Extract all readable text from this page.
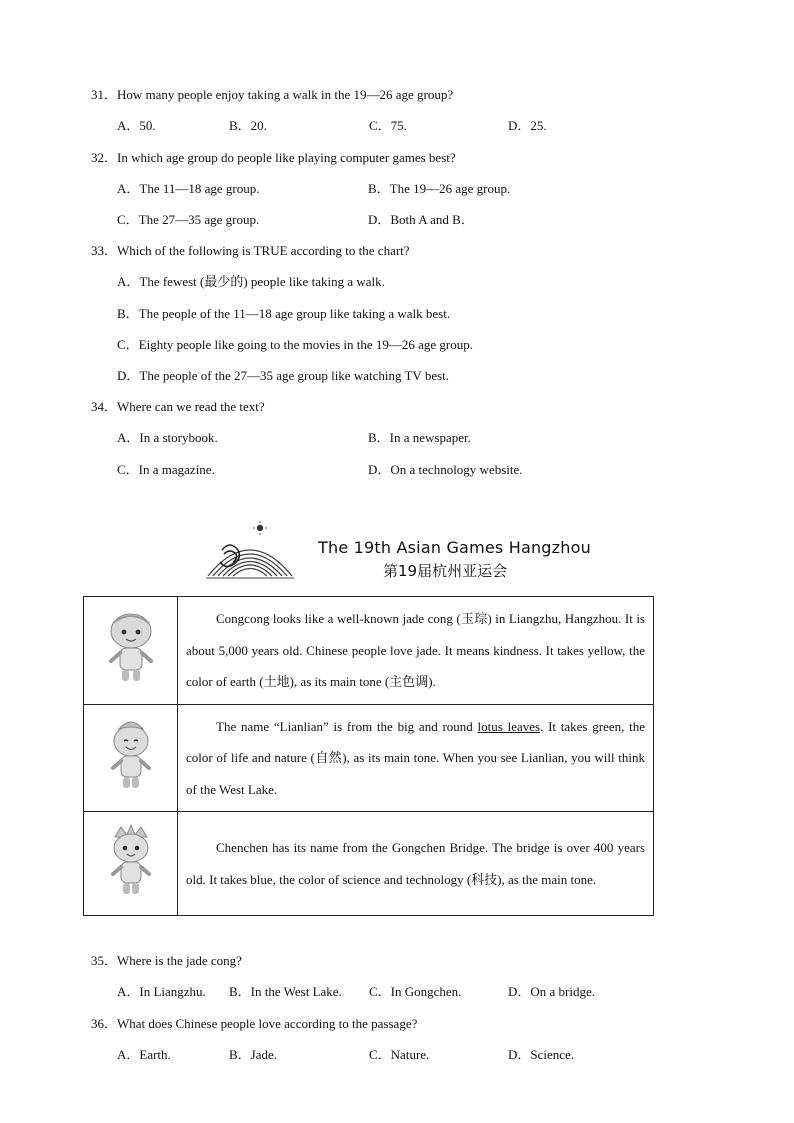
31．How many people enjoy taking a walk in the 19—26 age group?
A．50.	B．20.	C．75.	D．25.
32．In which age group do people like playing computer games best?
A．The 11—18 age group.	B．The 19—26 age group.
C．The 27—35 age group.	D．Both A and B．
33．Which of the following is TRUE according to the chart?
A．The fewest (最少的) people like taking a walk.
B．The people of the 11—18 age group like taking a walk best.
C．Eighty people like going to the movies in the 19—26 age group.
D．The people of the 27—35 age group like watching TV best.
34．Where can we read the text?
A．In a storybook.	B．In a newspaper.
C．In a magazine.	D．On a technology website.
The 19th Asian Games Hangzhou
第19届杭州亚运会
	Congcong looks like a well-known jade cong (玉琮) in Liangzhu, Hangzhou. It is about 5,000 years old. Chinese people love jade. It means kindness. It takes yellow, the color of earth (土地), as its main tone (主色调).
	The name “Lianlian” is from the big and round lotus leaves. It takes green, the color of life and nature (自然), as its main tone. When you see Lianlian, you will think of the West Lake.
	Chenchen has its name from the Gongchen Bridge. The bridge is over 400 years old. It takes blue, the color of science and technology (科技), as the main tone.
35．Where is the jade cong?
A．In Liangzhu. B．In the West Lake. C．In Gongchen.	D．On a bridge.
36．What does Chinese people love according to the passage?
A．Earth.	B．Jade.	C．Nature.	D．Science.
